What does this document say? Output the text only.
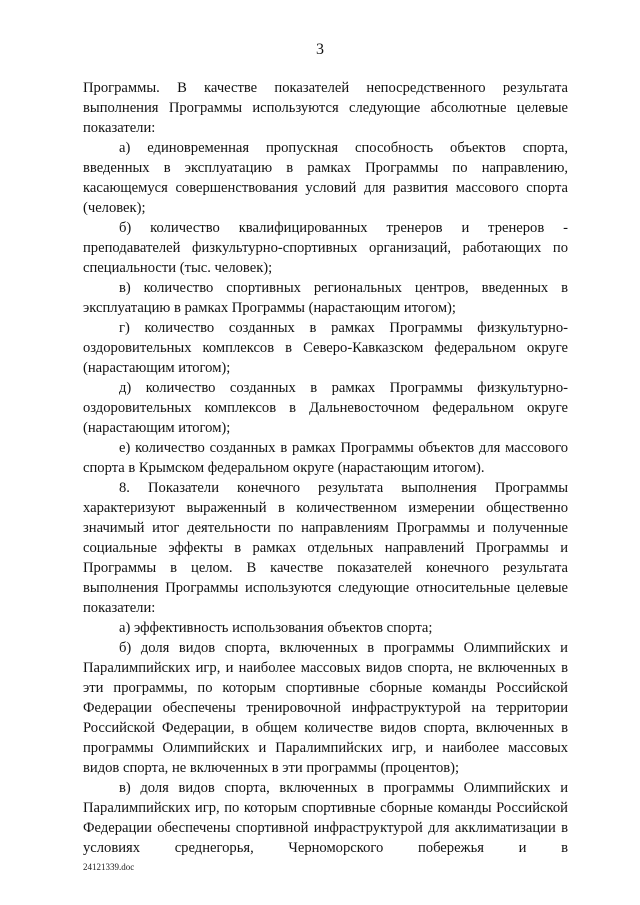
3

Программы. В качестве показателей непосредственного результата выполнения Программы используются следующие абсолютные целевые показатели:

а) единовременная пропускная способность объектов спорта, введенных в эксплуатацию в рамках Программы по направлению, касающемуся совершенствования условий для развития массового спорта (человек);

б) количество квалифицированных тренеров и тренеров - преподавателей физкультурно-спортивных организаций, работающих по специальности (тыс. человек);

в) количество спортивных региональных центров, введенных в эксплуатацию в рамках Программы (нарастающим итогом);

г) количество созданных в рамках Программы физкультурно-оздоровительных комплексов в Северо-Кавказском федеральном округе (нарастающим итогом);

д) количество созданных в рамках Программы физкультурно-оздоровительных комплексов в Дальневосточном федеральном округе (нарастающим итогом);

е) количество созданных в рамках Программы объектов для массового спорта в Крымском федеральном округе (нарастающим итогом).

8. Показатели конечного результата выполнения Программы характеризуют выраженный в количественном измерении общественно значимый итог деятельности по направлениям Программы и полученные социальные эффекты в рамках отдельных направлений Программы и Программы в целом. В качестве показателей конечного результата выполнения Программы используются следующие относительные целевые показатели:

а) эффективность использования объектов спорта;

б) доля видов спорта, включенных в программы Олимпийских и Паралимпийских игр, и наиболее массовых видов спорта, не включенных в эти программы, по которым спортивные сборные команды Российской Федерации обеспечены тренировочной инфраструктурой на территории Российской Федерации, в общем количестве видов спорта, включенных в программы Олимпийских и Паралимпийских игр, и наиболее массовых видов спорта, не включенных в эти программы (процентов);

в) доля видов спорта, включенных в программы Олимпийских и Паралимпийских игр, по которым спортивные сборные команды Российской Федерации обеспечены спортивной инфраструктурой для акклиматизации в условиях среднегорья, Черноморского побережья и в

24121339.doc
